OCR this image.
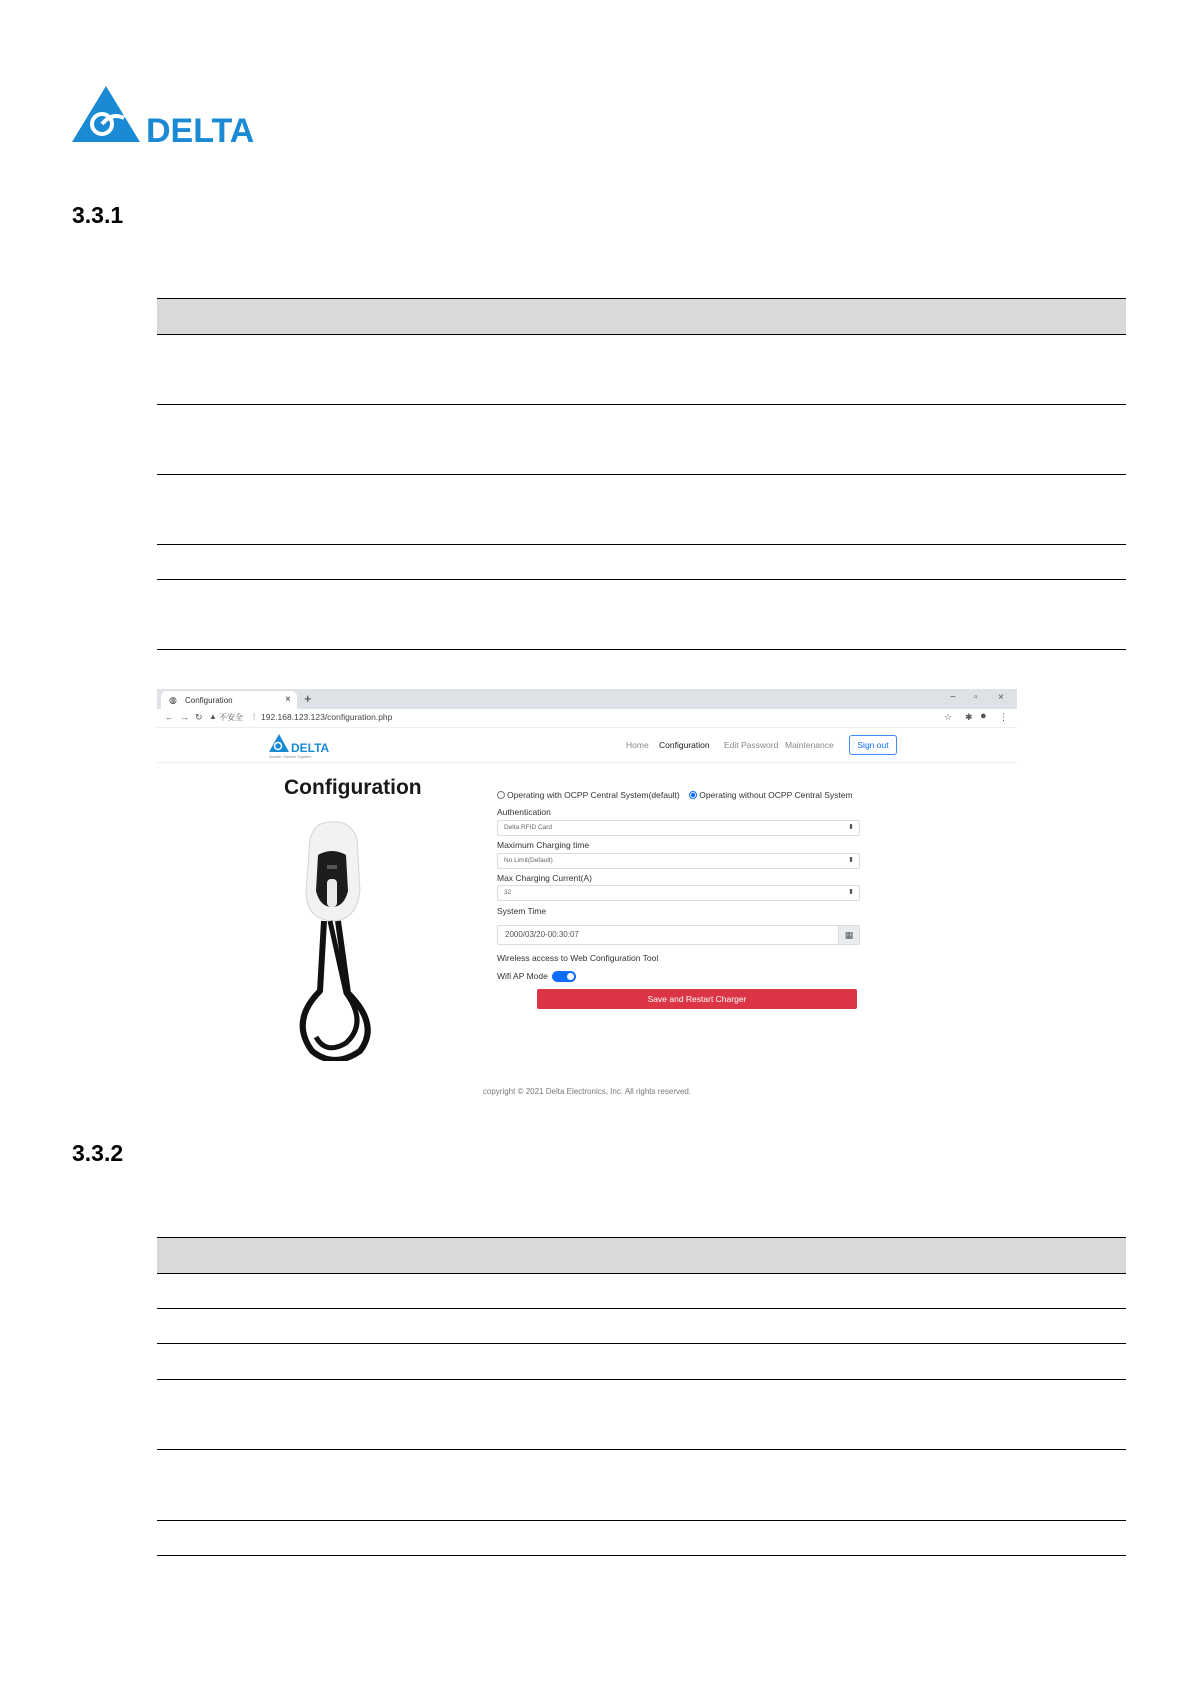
DELTA
3.3.1
◍ Configuration	× +	− ▫ ×
← → ↻ ▲ 不安全 | 192.168.123.123/configuration.php	☆ ✱ ● ⋮
DELTA
Smarter. Greener. Together.
Home Configuration Edit Password Maintenance	Sign out
Configuration	Operating with OCPP Central System(default) Operating without OCPP Central System
Authentication
Delta RFID Card	⬍
Maximum Charging time
No Limit(Default)	⬍
Max Charging Current(A)
32	⬍
System Time
2000/03/20-00:30:07	▦
Wireless access to Web Configuration Tool
Wifi AP Mode
Save and Restart Charger
copyright © 2021 Delta Electronics, Inc. All rights reserved.
3.3.2
